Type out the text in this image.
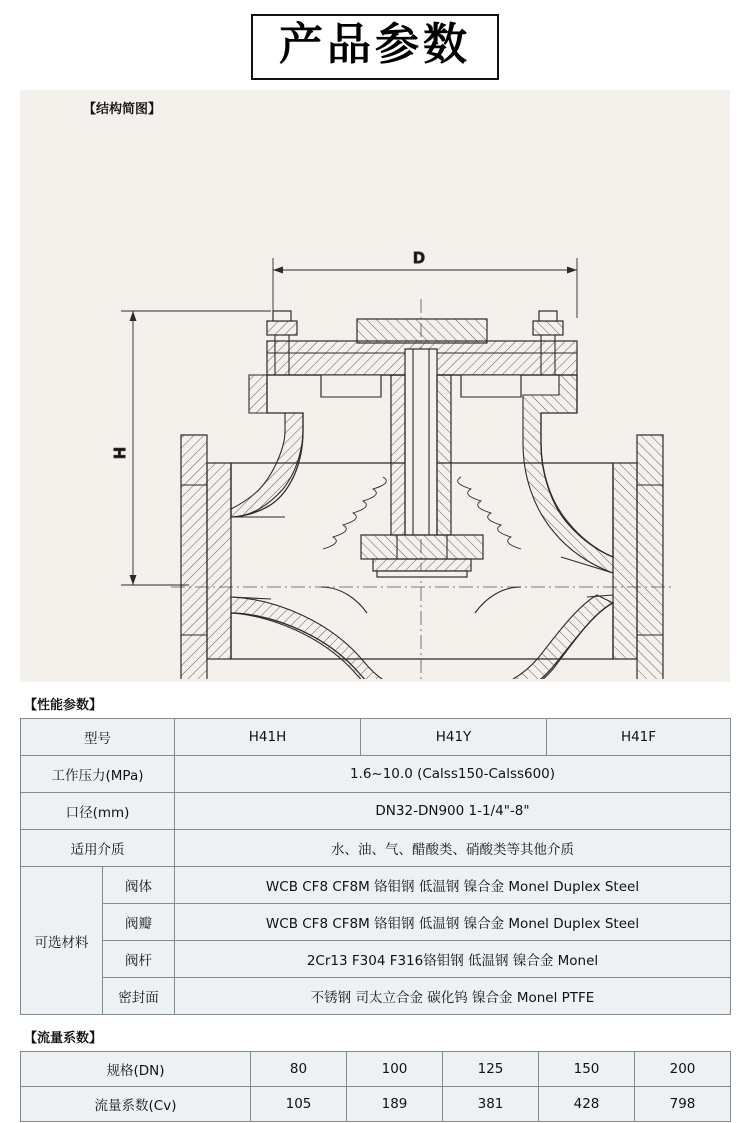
产品参数
【结构简图】
D
H
【性能参数】
型号		H41H	H41Y	H41F
工作压力(MPa)		1.6~10.0 (Calss150-Calss600)		
口径(mm)		DN32-DN900 1-1/4"-8"		
适用介质		水、油、气、醋酸类、硝酸类等其他介质		
可选材料	阀体	WCB CF8 CF8M 铬钼钢 低温钢 镍合金 Monel Duplex Steel		
	阀瓣	WCB CF8 CF8M 铬钼钢 低温钢 镍合金 Monel Duplex Steel		
	阀杆	2Cr13 F304 F316铬钼钢 低温钢 镍合金 Monel		
	密封面	不锈钢 司太立合金 碳化钨 镍合金 Monel PTFE		
【流量系数】
规格(DN)	80	100	125	150	200
流量系数(Cv)	105	189	381	428	798
